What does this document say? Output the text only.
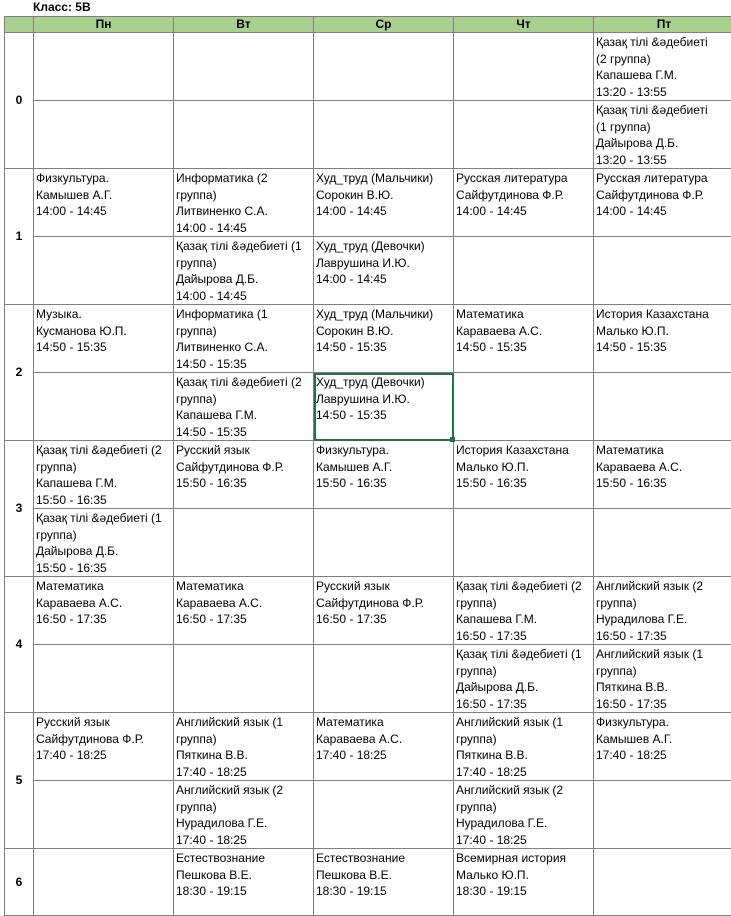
Класс: 5В
	Пн	Вт	Ср	Чт	Пт
0					Қазақ тілі &әдебиеті
(2 группа)
Капашева Г.М.
13:20 - 13:55

					Қазақ тілі &әдебиеті
(1 группа)
Дайырова Д.Б.
13:20 - 13:55

1	Физкультура.
Камышев А.Г.
14:00 - 14:45	Информатика (2
группа)
Литвиненко С.А.
14:00 - 14:45	Худ_труд (Мальчики)
Сорокин В.Ю.
14:00 - 14:45	Русская литература
Сайфутдинова Ф.Р.
14:00 - 14:45	Русская литература
Сайфутдинова Ф.Р.
14:00 - 14:45

		Қазақ тілі &әдебиеті (1
группа)
Дайырова Д.Б.
14:00 - 14:45	Худ_труд (Девочки)
Лаврушина И.Ю.
14:00 - 14:45		

2	Музыка.
Кусманова Ю.П.
14:50 - 15:35	Информатика (1
группа)
Литвиненко С.А.
14:50 - 15:35	Худ_труд (Мальчики)
Сорокин В.Ю.
14:50 - 15:35	Математика
Караваева А.С.
14:50 - 15:35	История Казахстана
Малько Ю.П.
14:50 - 15:35

		Қазақ тілі &әдебиеті (2
группа)
Капашева Г.М.
14:50 - 15:35	Худ_труд (Девочки)
Лаврушина И.Ю.
14:50 - 15:35		

3	Қазақ тілі &әдебиеті (2
группа)
Капашева Г.М.
15:50 - 16:35	Русский язык
Сайфутдинова Ф.Р.
15:50 - 16:35	Физкультура.
Камышев А.Г.
15:50 - 16:35	История Казахстана
Малько Ю.П.
15:50 - 16:35	Математика
Караваева А.С.
15:50 - 16:35

	Қазақ тілі &әдебиеті (1
группа)
Дайырова Д.Б.
15:50 - 16:35				

4	Математика
Караваева А.С.
16:50 - 17:35	Математика
Караваева А.С.
16:50 - 17:35	Русский язык
Сайфутдинова Ф.Р.
16:50 - 17:35	Қазақ тілі &әдебиеті (2
группа)
Капашева Г.М.
16:50 - 17:35	Английский язык (2
группа)
Нурадилова Г.Е.
16:50 - 17:35

				Қазақ тілі &әдебиеті (1
группа)
Дайырова Д.Б.
16:50 - 17:35	Английский язык (1
группа)
Пяткина В.В.
16:50 - 17:35

5	Русский язык
Сайфутдинова Ф.Р.
17:40 - 18:25	Английский язык (1
группа)
Пяткина В.В.
17:40 - 18:25	Математика
Караваева А.С.
17:40 - 18:25	Английский язык (1
группа)
Пяткина В.В.
17:40 - 18:25	Физкультура.
Камышев А.Г.
17:40 - 18:25

		Английский язык (2
группа)
Нурадилова Г.Е.
17:40 - 18:25		Английский язык (2
группа)
Нурадилова Г.Е.
17:40 - 18:25	

6		Естествознание
Пешкова В.Е.
18:30 - 19:15	Естествознание
Пешкова В.Е.
18:30 - 19:15	Всемирная история
Малько Ю.П.
18:30 - 19:15	
